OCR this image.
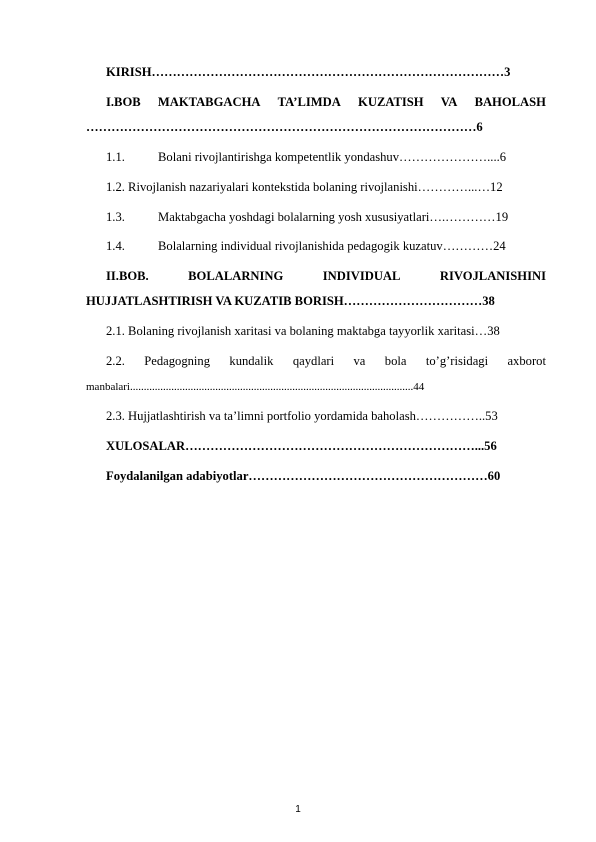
KIRISH…………………………………………………………………………3
I.BOB MAKTABGACHA TA’LIMDA KUZATISH VA BAHOLASH
…………………………………………………………………………………6
1.1.	Bolani rivojlantirishga kompetentlik yondashuv…………………....6
1.2. Rivojlanish nazariyalari kontekstida bolaning rivojlanishi…………...…12
1.3.	Maktabgacha yoshdagi bolalarning yosh xususiyatlari….…………19
1.4.	Bolalarning individual rivojlanishida pedagogik kuzatuv…………24
II.BOB.	BOLALARNING	INDIVIDUAL	RIVOJLANISHINI
HUJJATLASHTIRISH VA KUZATIB BORISH……………………………38
2.1. Bolaning rivojlanish xaritasi va bolaning maktabga tayyorlik xaritasi…38
2.2. Pedagogning kundalik qaydlari va bola to’g’risidagi axborot
manbalari.......................................................................................................44
2.3. Hujjatlashtirish va ta’limni portfolio yordamida baholash……………..53
XULOSALAR……………………………………………………………...56
Foydalanilgan adabiyotlar…………………………………………………60
1
